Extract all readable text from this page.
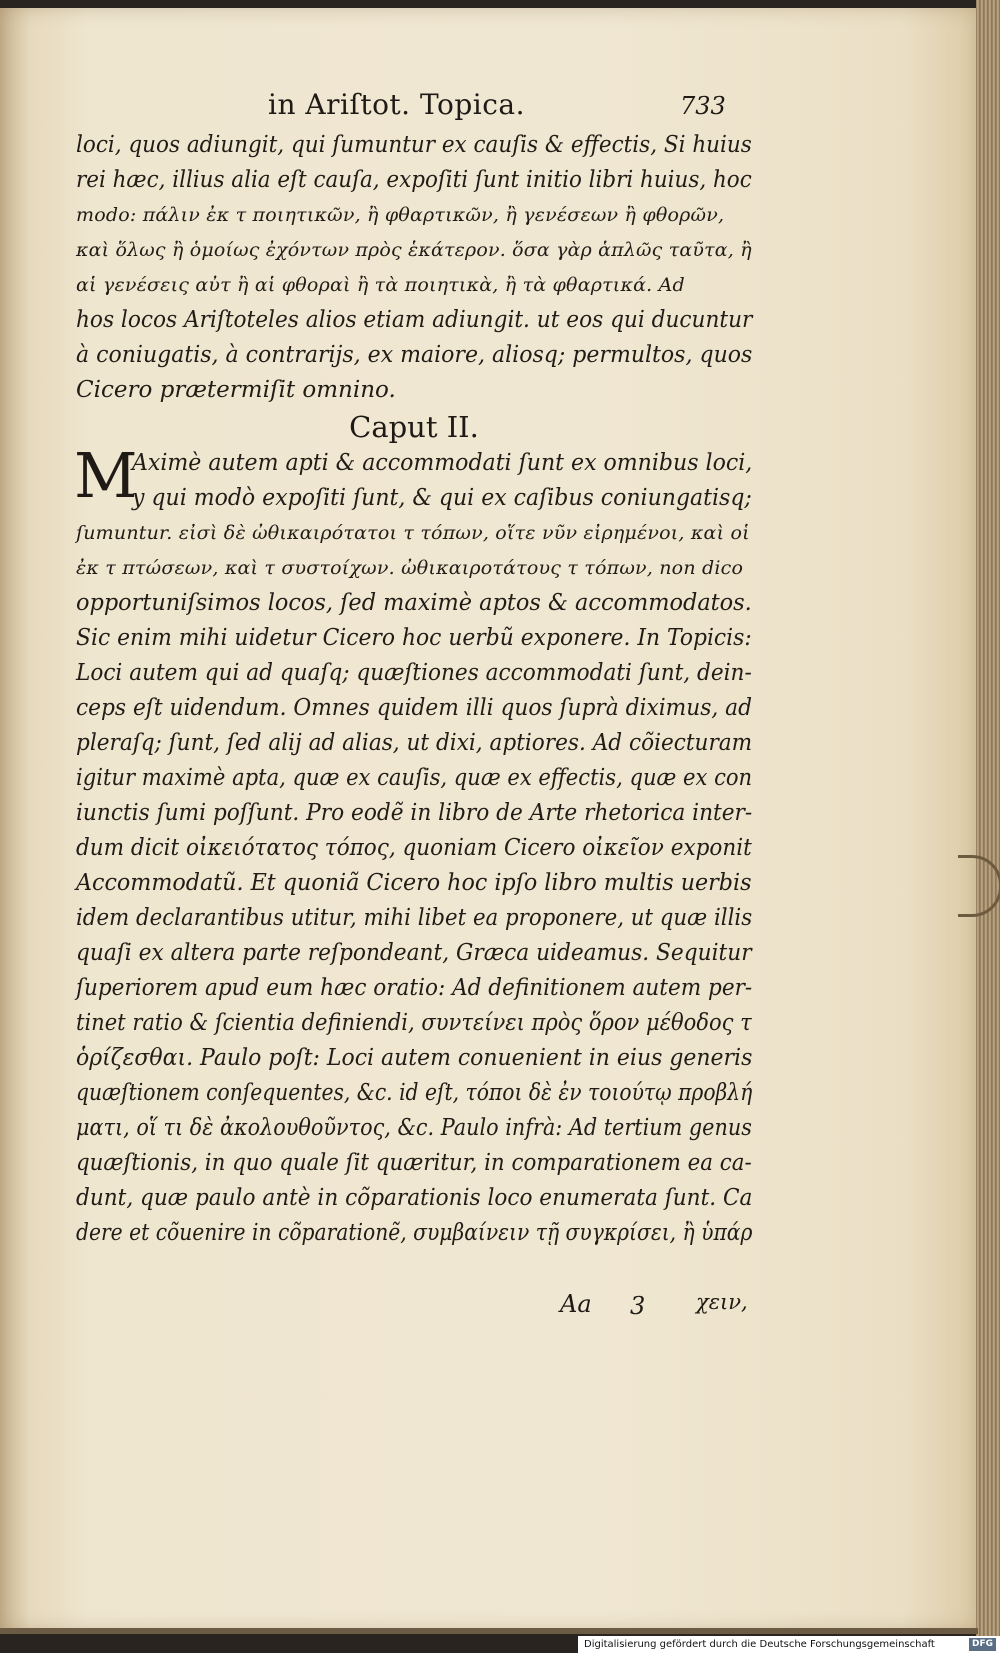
in Ariſtot. Topica.	733
loci, quos adiungit, qui ſumuntur ex cauſis & effectis, Si huius
rei hæc, illius alia eſt cauſa, expoſiti ſunt initio libri huius, hoc
modo: πάλιν ἐκ τ ποιητικῶν, ἢ φθαρτικῶν, ἢ γενέσεων ἢ φθορῶν,
καὶ ὅλως ἢ ὁμοίως ἐχόντων πρὸς ἑκάτερον. ὅσα γὰρ ἁπλῶς ταῦτα, ἢ
αἱ γενέσεις αὐτ ἢ αἱ φθοραὶ ἢ τὰ ποιητικὰ, ἢ τὰ φθαρτικά. Ad
hos locos Ariſtoteles alios etiam adiungit. ut eos qui ducuntur
à coniugatis, à contrarijs, ex maiore, aliosq; permultos, quos
Cicero prætermiſit omnino.
Caput II.
Aximè autem apti & accommodati ſunt ex omnibus loci,
y qui modò expoſiti ſunt, & qui ex caſibus coniungatisq;
ſumuntur. εἰσὶ δὲ ὠθικαιρότατοι τ τόπων, οἵτε νῦν εἰρημένοι, καὶ οἱ
ἐκ τ πτώσεων, καὶ τ συστοίχων. ὠθικαιροτάτους τ τόπων, non dico
opportuniſsimos locos, ſed maximè aptos & accommodatos.
Sic enim mihi uidetur Cicero hoc uerbũ exponere. In Topicis:
Loci autem qui ad quaſq; quæſtiones accommodati ſunt, dein-
ceps eſt uidendum. Omnes quidem illi quos ſuprà diximus, ad
pleraſq; ſunt, ſed alij ad alias, ut dixi, aptiores. Ad cõiecturam
igitur maximè apta, quæ ex cauſis, quæ ex effectis, quæ ex con
iunctis ſumi poſſunt. Pro eodẽ in libro de Arte rhetorica inter-
dum dicit οἰκειότατος τόπος, quoniam Cicero οἰκεῖον exponit
Accommodatũ. Et quoniã Cicero hoc ipſo libro multis uerbis
idem declarantibus utitur, mihi libet ea proponere, ut quæ illis
quaſi ex altera parte reſpondeant, Græca uideamus. Sequitur
ſuperiorem apud eum hæc oratio: Ad definitionem autem per-
tinet ratio & ſcientia definiendi, συντείνει πρὸς ὅρον μέθοδος τ
ὁρίζεσθαι. Paulo poſt: Loci autem conuenient in eius generis
quæſtionem conſequentes, &c. id eſt, τόποι δὲ ἐν τοιούτῳ προβλή
ματι, οἵ τι δὲ ἀκολουθοῦντος, &c. Paulo infrà: Ad tertium genus
quæſtionis, in quo quale ſit quæritur, in comparationem ea ca-
dunt, quæ paulo antè in cõparationis loco enumerata ſunt. Ca
dere et cõuenire in cõparationẽ, συμβαίνειν τῇ συγκρίσει, ἢ ὑπάρ
M
Aa 3 χειν,
Digitalisierung gefördert durch die Deutsche Forschungsgemeinschaft	DFG
